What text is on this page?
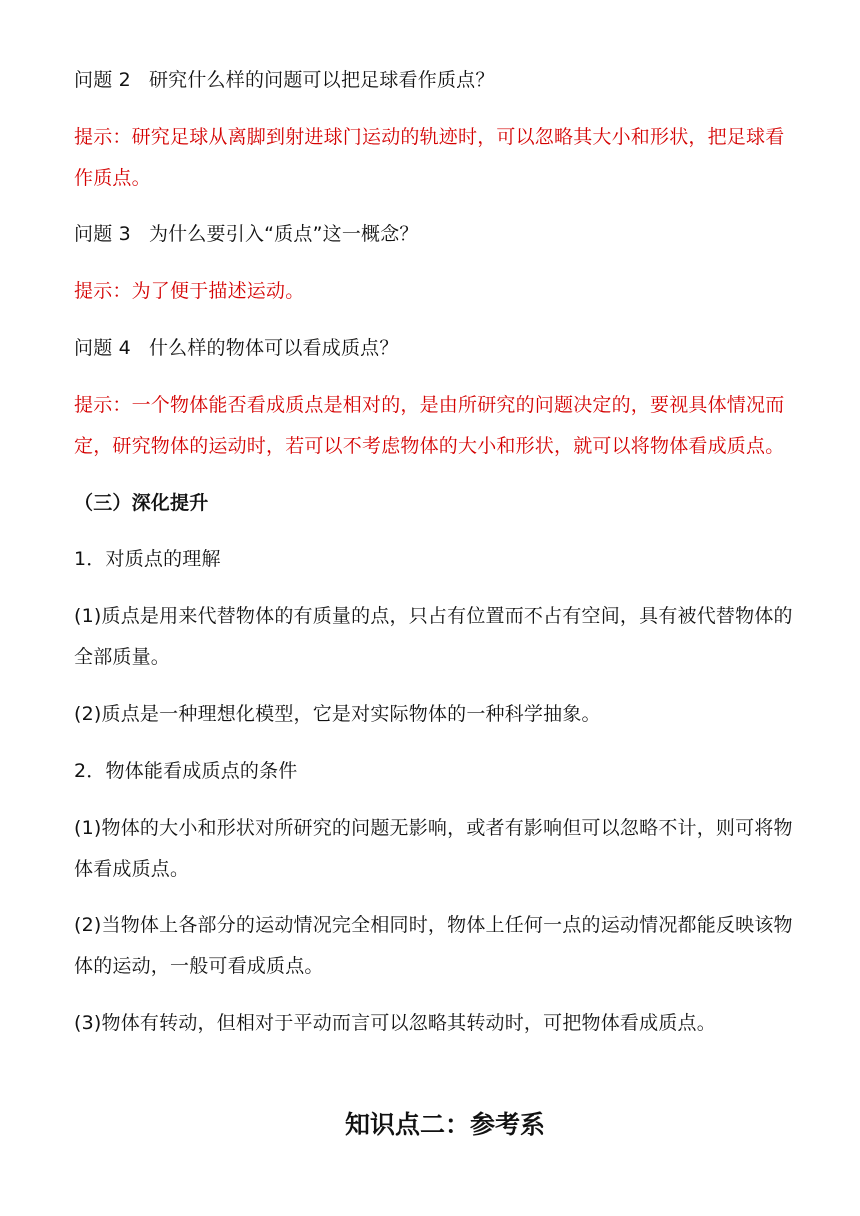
问题 2 研究什么样的问题可以把足球看作质点？
提示：研究足球从离脚到射进球门运动的轨迹时，可以忽略其大小和形状，把足球看
作质点。
问题 3 为什么要引入“质点”这一概念？
提示：为了便于描述运动。
问题 4 什么样的物体可以看成质点？
提示：一个物体能否看成质点是相对的，是由所研究的问题决定的，要视具体情况而
定，研究物体的运动时，若可以不考虑物体的大小和形状，就可以将物体看成质点。
（三）深化提升
1．对质点的理解
(1)质点是用来代替物体的有质量的点，只占有位置而不占有空间，具有被代替物体的
全部质量。
(2)质点是一种理想化模型，它是对实际物体的一种科学抽象。
2．物体能看成质点的条件
(1)物体的大小和形状对所研究的问题无影响，或者有影响但可以忽略不计，则可将物
体看成质点。
(2)当物体上各部分的运动情况完全相同时，物体上任何一点的运动情况都能反映该物
体的运动，一般可看成质点。
(3)物体有转动，但相对于平动而言可以忽略其转动时，可把物体看成质点。
知识点二：参考系
